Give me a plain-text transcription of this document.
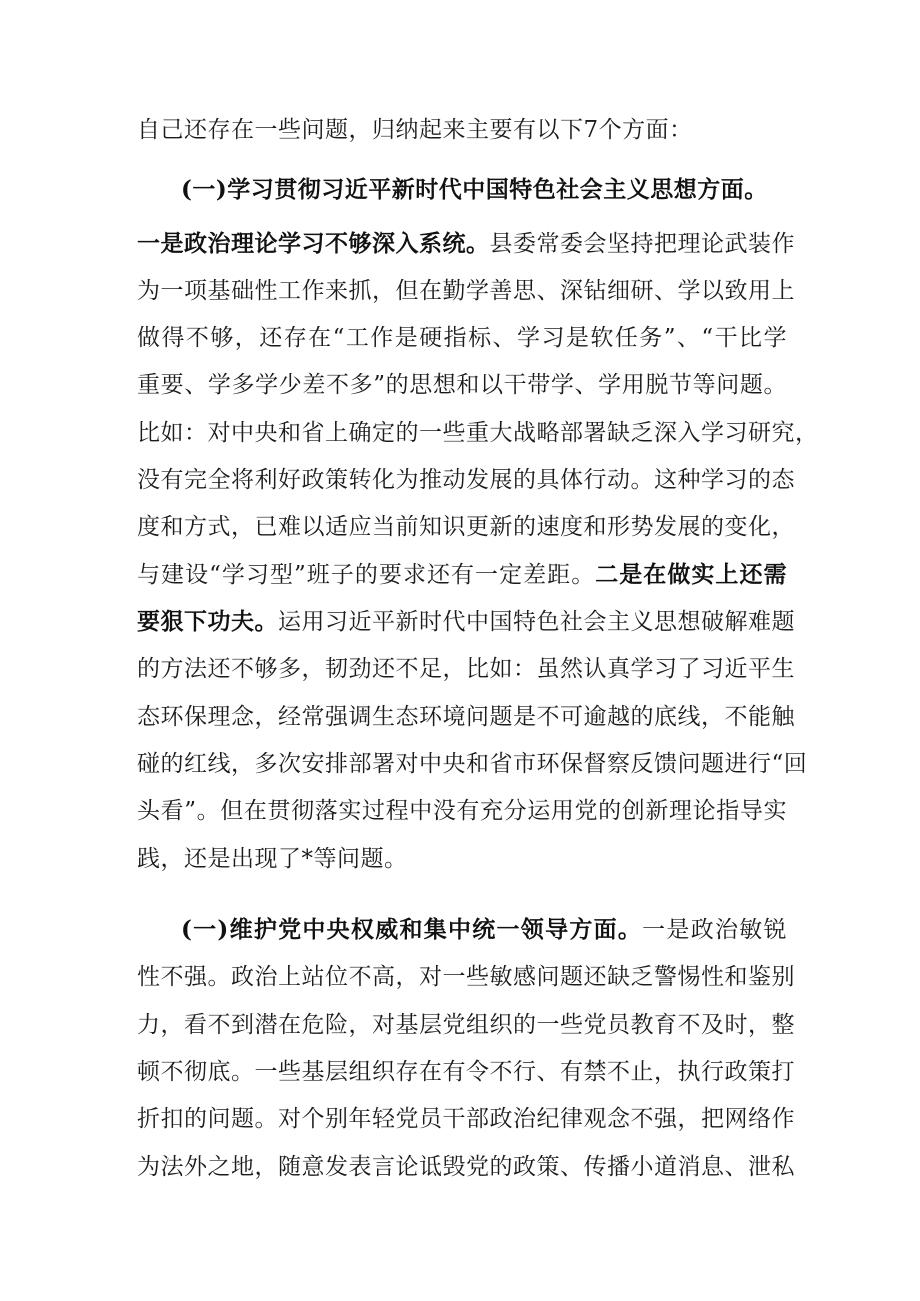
自己还存在一些问题，归纳起来主要有以下7个方面：
(一)学习贯彻习近平新时代中国特色社会主义思想方面。
一是政治理论学习不够深入系统。县委常委会坚持把理论武装作
为一项基础性工作来抓，但在勤学善思、深钻细研、学以致用上
做得不够，还存在“工作是硬指标、学习是软任务”、“干比学
重要、学多学少差不多”的思想和以干带学、学用脱节等问题。
比如：对中央和省上确定的一些重大战略部署缺乏深入学习研究，
没有完全将利好政策转化为推动发展的具体行动。这种学习的态
度和方式，已难以适应当前知识更新的速度和形势发展的变化，
与建设“学习型”班子的要求还有一定差距。二是在做实上还需
要狠下功夫。运用习近平新时代中国特色社会主义思想破解难题
的方法还不够多，韧劲还不足，比如：虽然认真学习了习近平生
态环保理念，经常强调生态环境问题是不可逾越的底线，不能触
碰的红线，多次安排部署对中央和省市环保督察反馈问题进行“回
头看”。但在贯彻落实过程中没有充分运用党的创新理论指导实
践，还是出现了*等问题。
(一)维护党中央权威和集中统一领导方面。一是政治敏锐
性不强。政治上站位不高，对一些敏感问题还缺乏警惕性和鉴别
力，看不到潜在危险，对基层党组织的一些党员教育不及时，整
顿不彻底。一些基层组织存在有令不行、有禁不止，执行政策打
折扣的问题。对个别年轻党员干部政治纪律观念不强，把网络作
为法外之地，随意发表言论诋毁党的政策、传播小道消息、泄私
